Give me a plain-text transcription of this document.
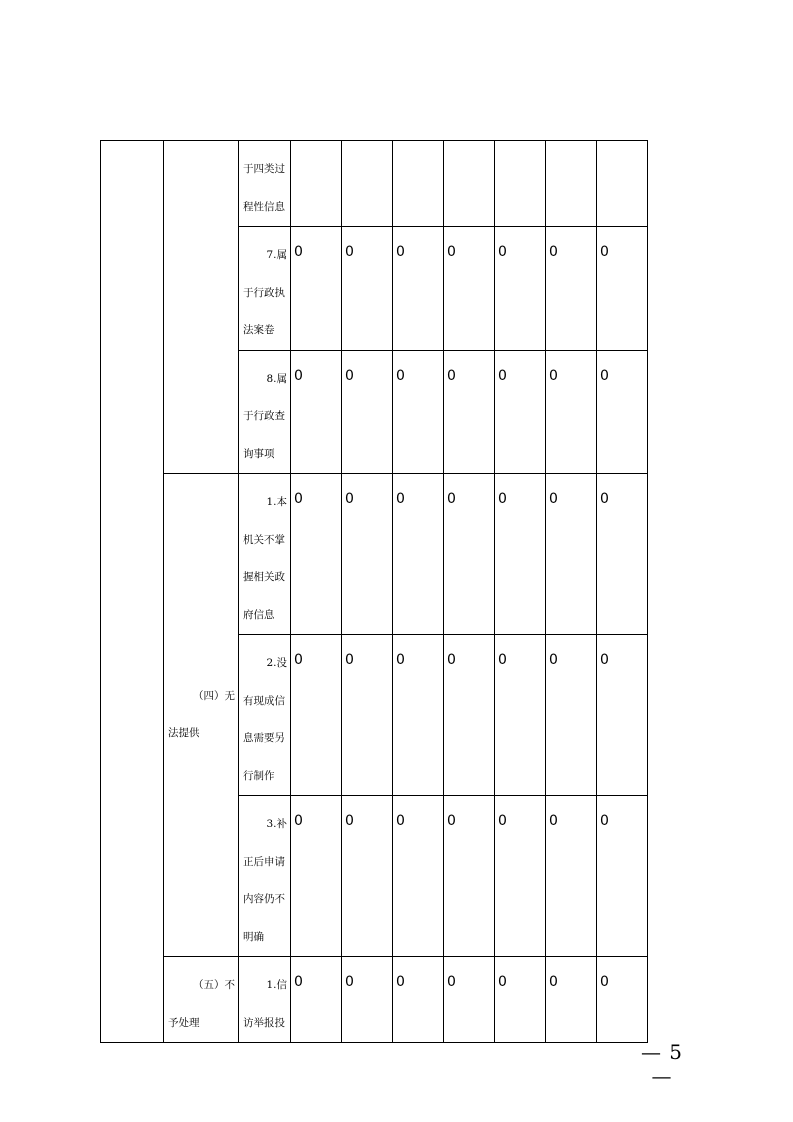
		于四类过
程性信息							

		7.属
于行政执
法案卷	0	0	0	0	0	0	0

		8.属
于行政查
询事项	0	0	0	0	0	0	0

	（四）无
法提供	1.本
机关不掌
握相关政
府信息	0	0	0	0	0	0	0

		2.没
有现成信
息需要另
行制作	0	0	0	0	0	0	0

		3.补
正后申请
内容仍不
明确	0	0	0	0	0	0	0

	（五）不
予处理	1.信
访举报投	0	0	0	0	0	0	0
— 5 —
